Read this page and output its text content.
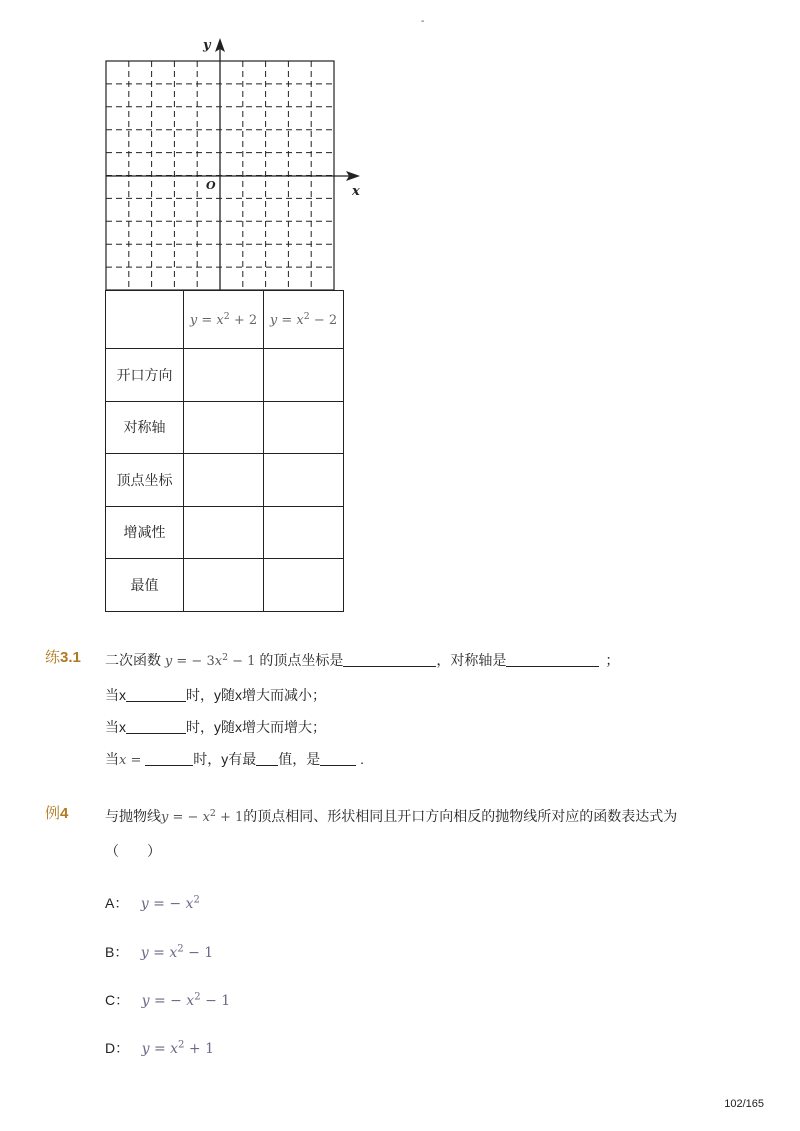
-
x
y
O
	$y = x^2 + 2$	$y = x^2 - 2$
开口方向		
对称轴		
顶点坐标		
增减性		
最值		
练3.1 二次函数 y = − $3x^2 - 1$ 的顶点坐标是	，对称轴是	；
当x	时，y随x增大而减小；
当x	时，y随x增大而增大；
当x =	时，y有最 值，是	.
例4	与抛物线y = − $x^2 + 1$的顶点相同、形状相同且开口方向相反的抛物线所对应的函数表达式为
（　　）
A： y = − $x^2$
B： $y = x^2 - 1$
C： y = − $x^2 - 1$
D： $y = x^2 + 1$
102/165
